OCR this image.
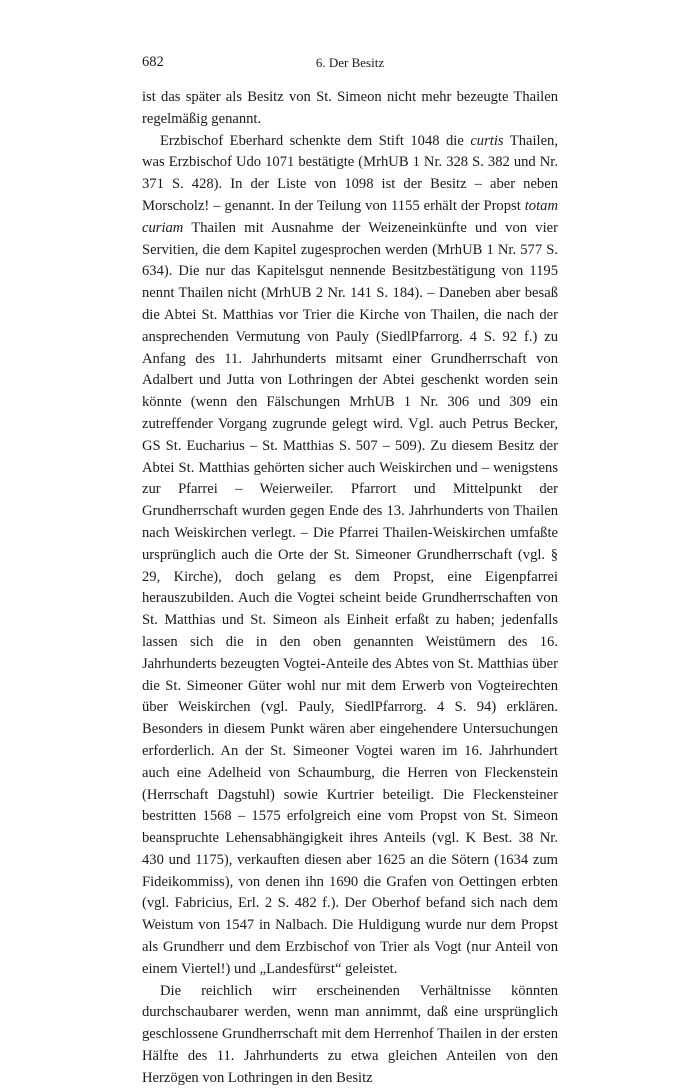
682	6. Der Besitz

ist das später als Besitz von St. Simeon nicht mehr bezeugte Thailen regelmäßig genannt.

Erzbischof Eberhard schenkte dem Stift 1048 die curtis Thailen, was Erzbischof Udo 1071 bestätigte (MrhUB 1 Nr. 328 S. 382 und Nr. 371 S. 428). In der Liste von 1098 ist der Besitz – aber neben Morscholz! – genannt. In der Teilung von 1155 erhält der Propst totam curiam Thailen mit Ausnahme der Weizeneinkünfte und von vier Servitien, die dem Kapitel zugesprochen werden (MrhUB 1 Nr. 577 S. 634). Die nur das Kapitelsgut nennende Besitzbestätigung von 1195 nennt Thailen nicht (MrhUB 2 Nr. 141 S. 184). – Daneben aber besaß die Abtei St. Matthias vor Trier die Kirche von Thailen, die nach der ansprechenden Vermutung von Pauly (SiedlPfarrorg. 4 S. 92 f.) zu Anfang des 11. Jahrhunderts mitsamt einer Grundherrschaft von Adalbert und Jutta von Lothringen der Abtei geschenkt worden sein könnte (wenn den Fälschungen MrhUB 1 Nr. 306 und 309 ein zutreffender Vorgang zugrunde gelegt wird. Vgl. auch Petrus Becker, GS St. Eucharius – St. Matthias S. 507 – 509). Zu diesem Besitz der Abtei St. Matthias gehörten sicher auch Weiskirchen und – wenigstens zur Pfarrei – Weierweiler. Pfarrort und Mittelpunkt der Grundherrschaft wurden gegen Ende des 13. Jahrhunderts von Thailen nach Weiskirchen verlegt. – Die Pfarrei Thailen-Weiskirchen umfaßte ursprünglich auch die Orte der St. Simeoner Grundherrschaft (vgl. § 29, Kirche), doch gelang es dem Propst, eine Eigenpfarrei herauszubilden. Auch die Vogtei scheint beide Grundherrschaften von St. Matthias und St. Simeon als Einheit erfaßt zu haben; jedenfalls lassen sich die in den oben genannten Weistümern des 16. Jahrhunderts bezeugten Vogtei-Anteile des Abtes von St. Matthias über die St. Simeoner Güter wohl nur mit dem Erwerb von Vogteirechten über Weiskirchen (vgl. Pauly, SiedlPfarrorg. 4 S. 94) erklären. Besonders in diesem Punkt wären aber eingehendere Untersuchungen erforderlich. An der St. Simeoner Vogtei waren im 16. Jahrhundert auch eine Adelheid von Schaumburg, die Herren von Fleckenstein (Herrschaft Dagstuhl) sowie Kurtrier beteiligt. Die Fleckensteiner bestritten 1568 – 1575 erfolgreich eine vom Propst von St. Simeon beanspruchte Lehensabhängigkeit ihres Anteils (vgl. K Best. 38 Nr. 430 und 1175), verkauften diesen aber 1625 an die Sötern (1634 zum Fideikommiss), von denen ihn 1690 die Grafen von Oettingen erbten (vgl. Fabricius, Erl. 2 S. 482 f.). Der Oberhof befand sich nach dem Weistum von 1547 in Nalbach. Die Huldigung wurde nur dem Propst als Grundherr und dem Erzbischof von Trier als Vogt (nur Anteil von einem Viertel!) und „Landesfürst“ geleistet.

Die reichlich wirr erscheinenden Verhältnisse könnten durchschaubarer werden, wenn man annimmt, daß eine ursprünglich geschlossene Grundherrschaft mit dem Herrenhof Thailen in der ersten Hälfte des 11. Jahrhunderts zu etwa gleichen Anteilen von den Herzögen von Lothringen in den Besitz
